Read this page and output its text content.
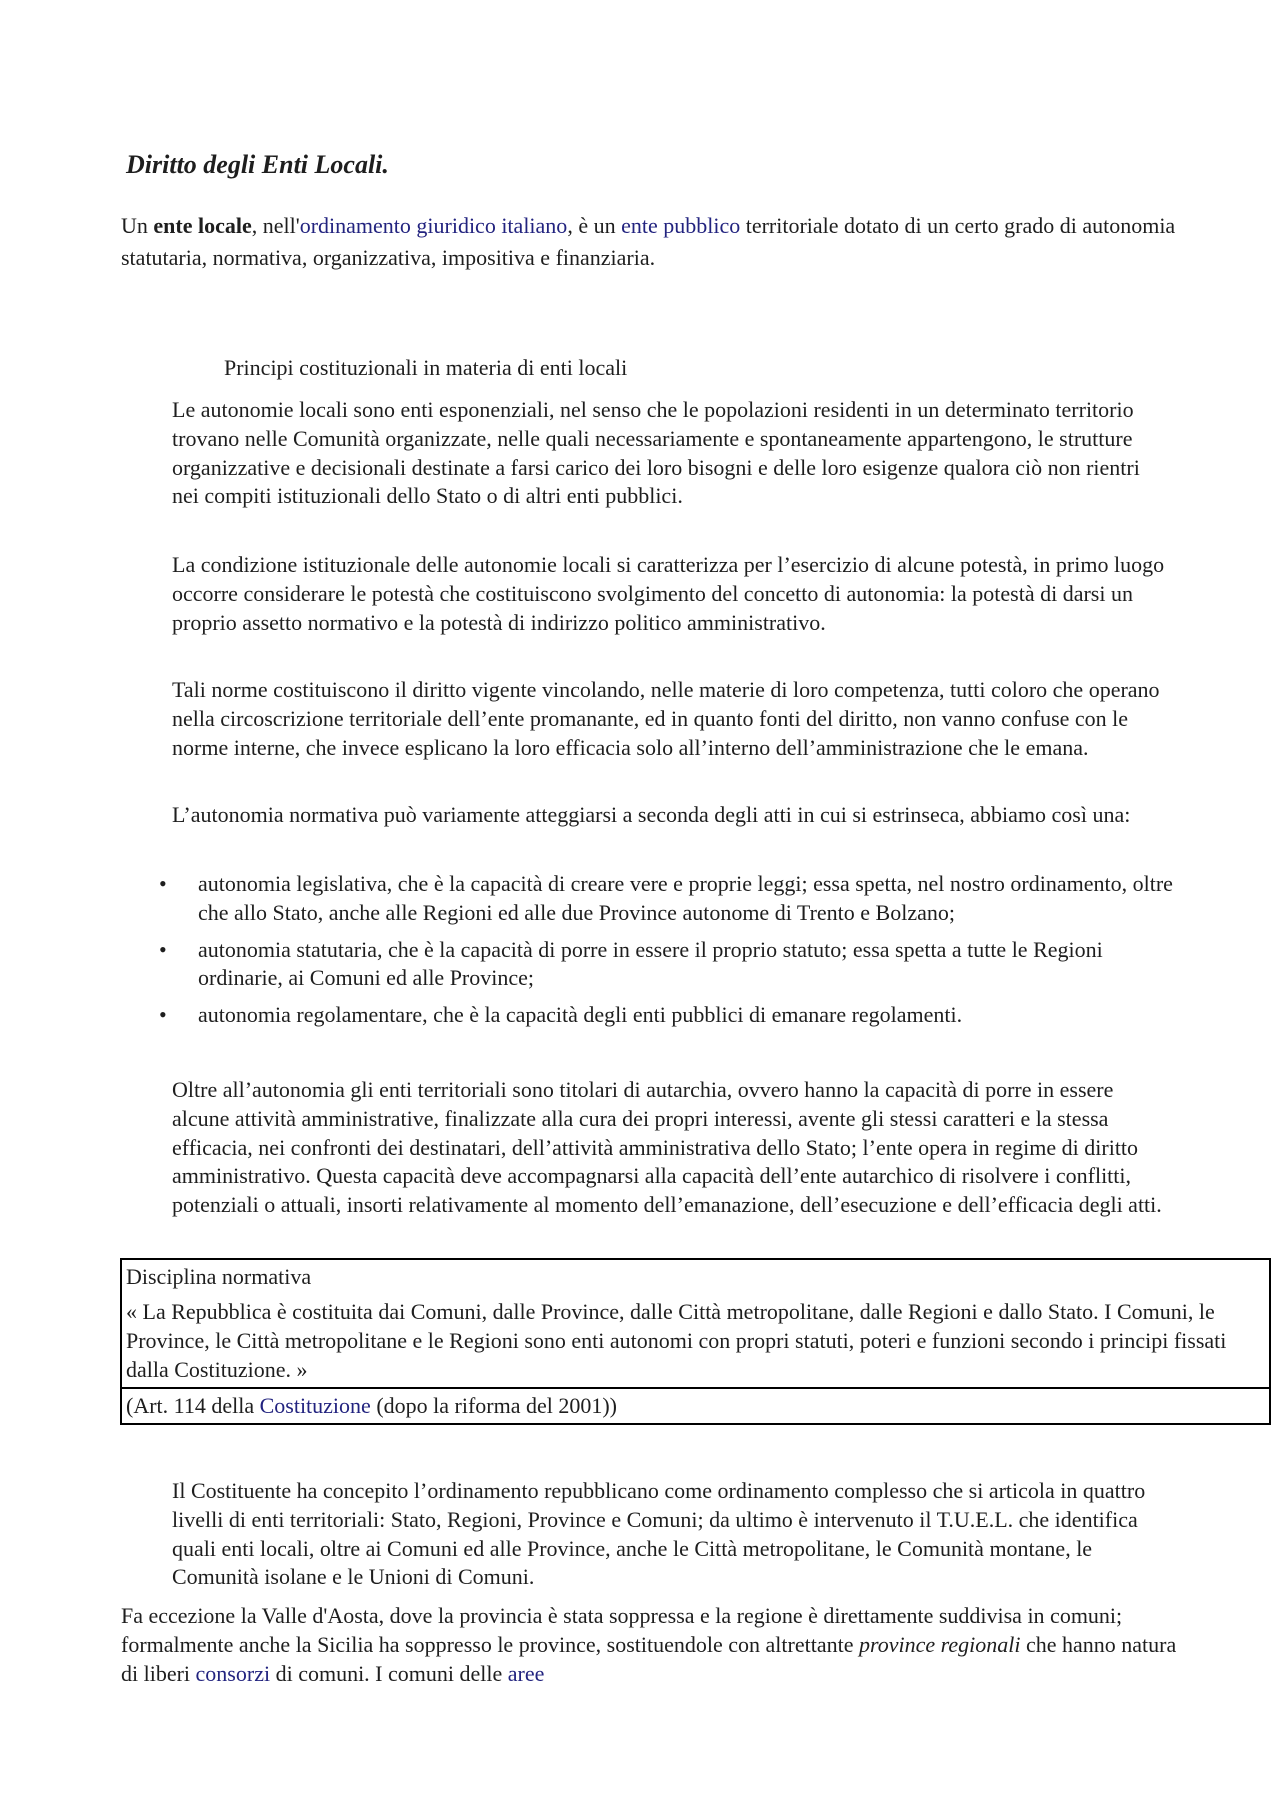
Diritto degli Enti Locali.

Un ente locale, nell'ordinamento giuridico italiano, è un ente pubblico territoriale dotato di un certo grado di autonomia statutaria, normativa, organizzativa, impositiva e finanziaria.

Principi costituzionali in materia di enti locali

Le autonomie locali sono enti esponenziali, nel senso che le popolazioni residenti in un determinato territorio trovano nelle Comunità organizzate, nelle quali necessariamente e spontaneamente appartengono, le strutture organizzative e decisionali destinate a farsi carico dei loro bisogni e delle loro esigenze qualora ciò non rientri nei compiti istituzionali dello Stato o di altri enti pubblici.

La condizione istituzionale delle autonomie locali si caratterizza per l’esercizio di alcune potestà, in primo luogo occorre considerare le potestà che costituiscono svolgimento del concetto di autonomia: la potestà di darsi un proprio assetto normativo e la potestà di indirizzo politico amministrativo.

Tali norme costituiscono il diritto vigente vincolando, nelle materie di loro competenza, tutti coloro che operano nella circoscrizione territoriale dell’ente promanante, ed in quanto fonti del diritto, non vanno confuse con le norme interne, che invece esplicano la loro efficacia solo all’interno dell’amministrazione che le emana.

L’autonomia normativa può variamente atteggiarsi a seconda degli atti in cui si estrinseca, abbiamo così una:

• autonomia legislativa, che è la capacità di creare vere e proprie leggi; essa spetta, nel nostro ordinamento, oltre che allo Stato, anche alle Regioni ed alle due Province autonome di Trento e Bolzano;
• autonomia statutaria, che è la capacità di porre in essere il proprio statuto; essa spetta a tutte le Regioni ordinarie, ai Comuni ed alle Province;
• autonomia regolamentare, che è la capacità degli enti pubblici di emanare regolamenti.

Oltre all’autonomia gli enti territoriali sono titolari di autarchia, ovvero hanno la capacità di porre in essere alcune attività amministrative, finalizzate alla cura dei propri interessi, avente gli stessi caratteri e la stessa efficacia, nei confronti dei destinatari, dell’attività amministrativa dello Stato; l’ente opera in regime di diritto amministrativo. Questa capacità deve accompagnarsi alla capacità dell’ente autarchico di risolvere i conflitti, potenziali o attuali, insorti relativamente al momento dell’emanazione, dell’esecuzione e dell’efficacia degli atti.

Disciplina normativa
« La Repubblica è costituita dai Comuni, dalle Province, dalle Città metropolitane, dalle Regioni e dallo Stato. I Comuni, le Province, le Città metropolitane e le Regioni sono enti autonomi con propri statuti, poteri e funzioni secondo i principi fissati dalla Costituzione. »
(Art. 114 della Costituzione (dopo la riforma del 2001))

Il Costituente ha concepito l’ordinamento repubblicano come ordinamento complesso che si articola in quattro livelli di enti territoriali: Stato, Regioni, Province e Comuni; da ultimo è intervenuto il T.U.E.L. che identifica quali enti locali, oltre ai Comuni ed alle Province, anche le Città metropolitane, le Comunità montane, le Comunità isolane e le Unioni di Comuni.

Fa eccezione la Valle d'Aosta, dove la provincia è stata soppressa e la regione è direttamente suddivisa in comuni; formalmente anche la Sicilia ha soppresso le province, sostituendole con altrettante province regionali che hanno natura di liberi consorzi di comuni. I comuni delle aree
